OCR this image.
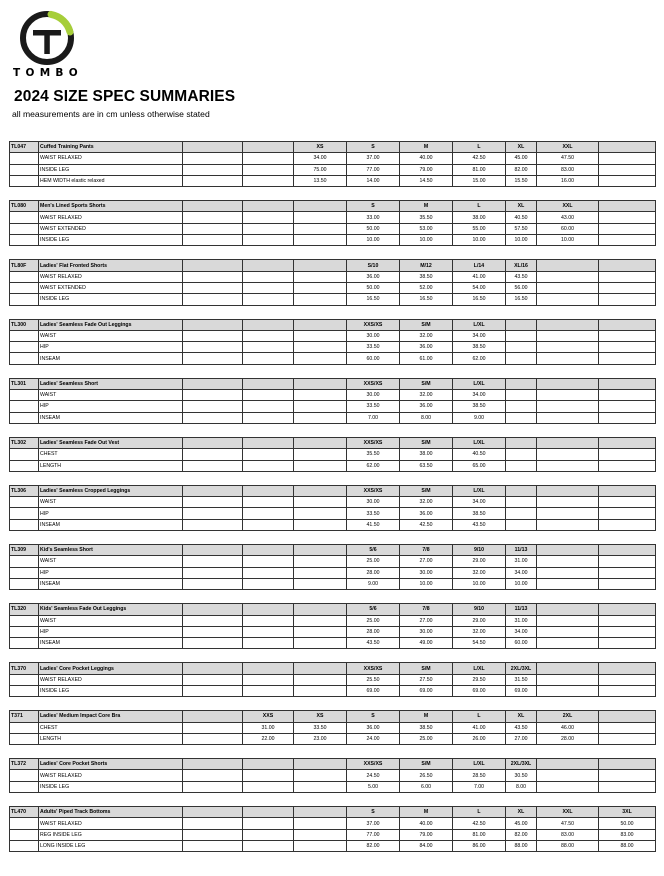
TOMBO
2024 SIZE SPEC SUMMARIES
all measurements are in cm unless otherwise stated
TL047	Cuffed Training Pants			XS	S	M	L	XL	XXL		
	WAIST RELAXED			34.00	37.00	40.00	42.50	45.00	47.50		
	INSIDE LEG			75.00	77.00	79.00	81.00	82.00	83.00		
	HEM WIDTH elastic relaxed			13.50	14.00	14.50	15.00	15.50	16.00		
TL080	Men's Lined Sports Shorts				S	M	L	XL	XXL		
	WAIST RELAXED				33.00	35.50	38.00	40.50	43.00		
	WAIST EXTENDED				50.00	53.00	55.00	57.50	60.00		
	INSIDE LEG				10.00	10.00	10.00	10.00	10.00		
TL80F	Ladies' Flat Fronted Shorts				S/10	M/12	L/14	XL/16			
	WAIST RELAXED				36.00	38.50	41.00	43.50			
	WAIST EXTENDED				50.00	52.00	54.00	56.00			
	INSIDE LEG				16.50	16.50	16.50	16.50			
TL300	Ladies' Seamless Fade Out Leggings				XXS/XS	S/M	L/XL				
	WAIST				30.00	32.00	34.00				
	HIP				33.50	36.00	38.50				
	INSEAM				60.00	61.00	62.00				
TL301	Ladies' Seamless Short				XXS/XS	S/M	L/XL				
	WAIST				30.00	32.00	34.00				
	HIP				33.50	36.00	38.50				
	INSEAM				7.00	8.00	9.00				
TL302	Ladies' Seamless Fade Out Vest				XXS/XS	S/M	L/XL				
	CHEST				35.50	38.00	40.50				
	LENGTH				62.00	63.50	65.00				
TL306	Ladies' Seamless Cropped Leggings				XXS/XS	S/M	L/XL				
	WAIST				30.00	32.00	34.00				
	HIP				33.50	36.00	38.50				
	INSEAM				41.50	42.50	43.50				
TL309	Kid's Seamless Short				5/6	7/8	9/10	11/13			
	WAIST				25.00	27.00	29.00	31.00			
	HIP				28.00	30.00	32.00	34.00			
	INSEAM				9.00	10.00	10.00	10.00			
TL320	Kids' Seamless Fade Out Leggings				5/6	7/8	9/10	11/13			
	WAIST				25.00	27.00	29.00	31.00			
	HIP				28.00	30.00	32.00	34.00			
	INSEAM				43.50	49.00	54.50	60.00			
TL370	Ladies' Core Pocket Leggings				XXS/XS	S/M	L/XL	2XL/3XL			
	WAIST RELAXED				25.50	27.50	29.50	31.50			
	INSIDE LEG				69.00	69.00	69.00	69.00			
T371	Ladies' Medium Impact Core Bra		XXS	XS	S	M	L	XL	2XL		
	CHEST		31.00	33.50	36.00	38.50	41.00	43.50	46.00		
	LENGTH		22.00	23.00	24.00	25.00	26.00	27.00	28.00		
TL372	Ladies' Core Pocket Shorts				XXS/XS	S/M	L/XL	2XL/3XL			
	WAIST RELAXED				24.50	26.50	28.50	30.50			
	INSIDE LEG				5.00	6.00	7.00	8.00			
TL470	Adults' Piped Track Bottoms				S	M	L	XL	XXL	3XL	
	WAIST RELAXED				37.00	40.00	42.50	45.00	47.50	50.00	
	REG INSIDE LEG				77.00	79.00	81.00	82.00	83.00	83.00	
	LONG INSIDE LEG				82.00	84.00	86.00	88.00	88.00	88.00	
